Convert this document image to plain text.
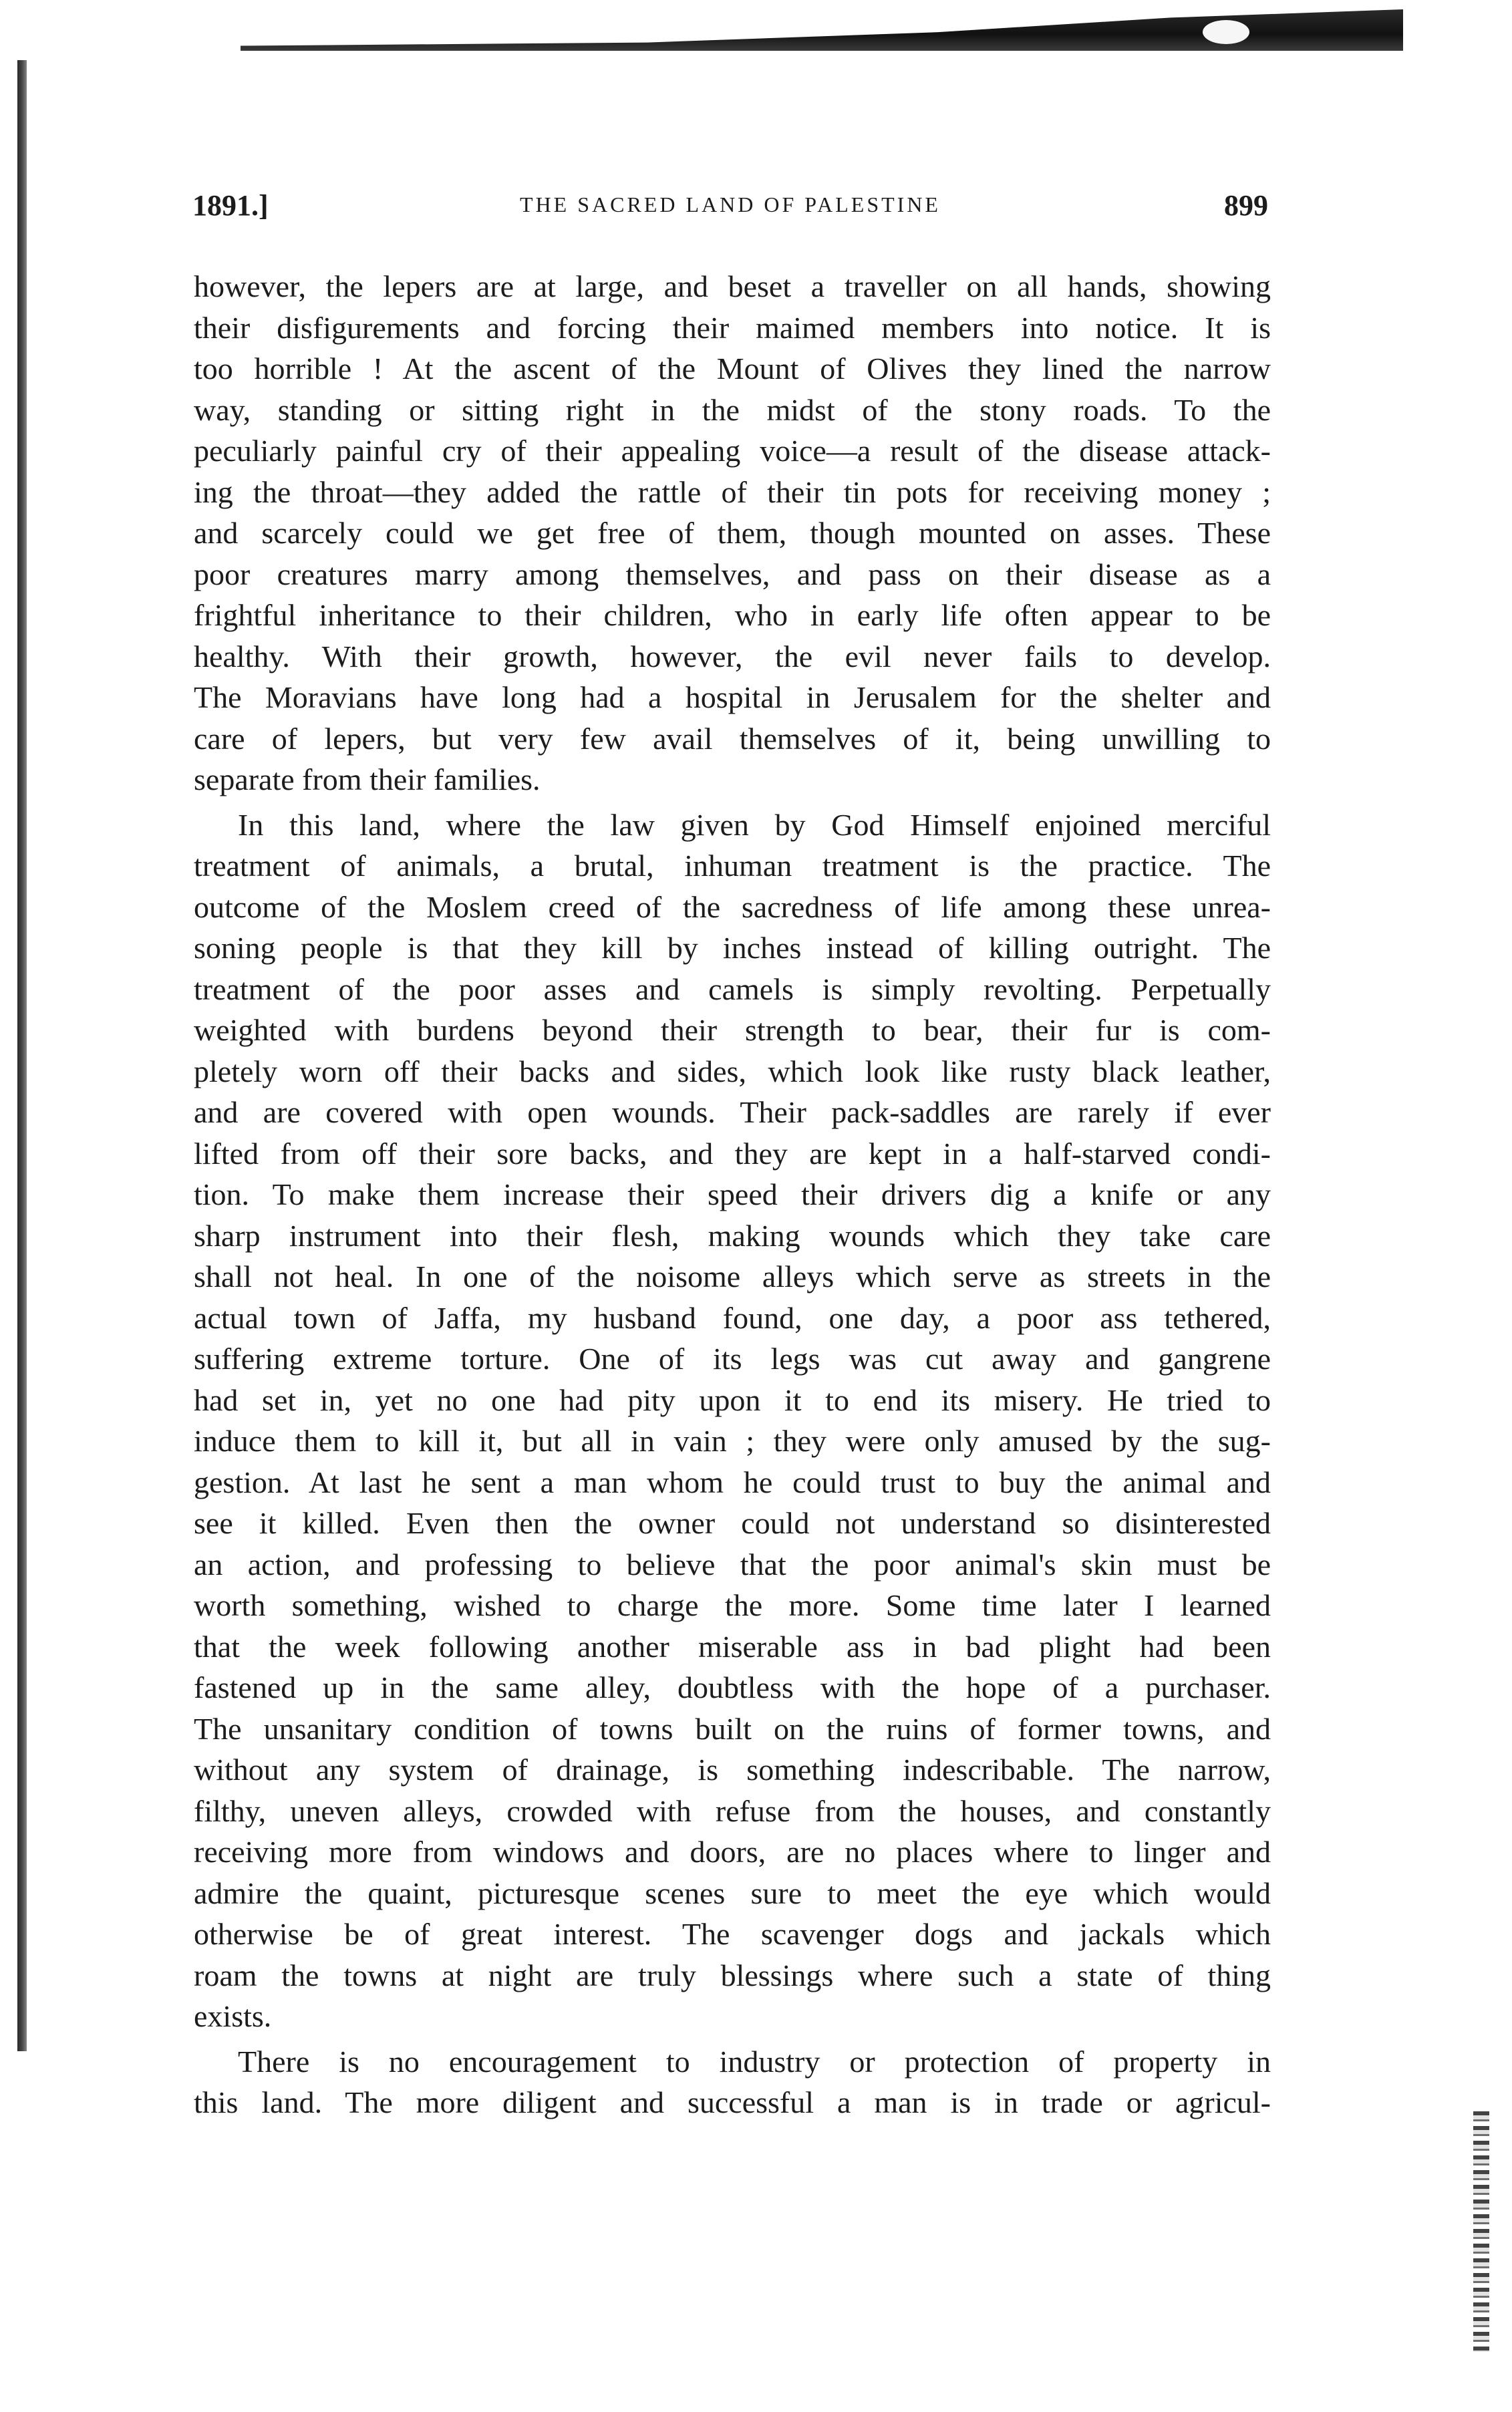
1891.]	THE SACRED LAND OF PALESTINE	899
however, the lepers are at large, and beset a traveller on all hands, showing
their disfigurements and forcing their maimed members into notice. It is
too horrible ! At the ascent of the Mount of Olives they lined the narrow
way, standing or sitting right in the midst of the stony roads. To the
peculiarly painful cry of their appealing voice—a result of the disease attack-
ing the throat—they added the rattle of their tin pots for receiving money ;
and scarcely could we get free of them, though mounted on asses. These
poor creatures marry among themselves, and pass on their disease as a
frightful inheritance to their children, who in early life often appear to be
healthy. With their growth, however, the evil never fails to develop.
The Moravians have long had a hospital in Jerusalem for the shelter and
care of lepers, but very few avail themselves of it, being unwilling to
separate from their families.
In this land, where the law given by God Himself enjoined merciful
treatment of animals, a brutal, inhuman treatment is the practice. The
outcome of the Moslem creed of the sacredness of life among these unrea-
soning people is that they kill by inches instead of killing outright. The
treatment of the poor asses and camels is simply revolting. Perpetually
weighted with burdens beyond their strength to bear, their fur is com-
pletely worn off their backs and sides, which look like rusty black leather,
and are covered with open wounds. Their pack-saddles are rarely if ever
lifted from off their sore backs, and they are kept in a half-starved condi-
tion. To make them increase their speed their drivers dig a knife or any
sharp instrument into their flesh, making wounds which they take care
shall not heal. In one of the noisome alleys which serve as streets in the
actual town of Jaffa, my husband found, one day, a poor ass tethered,
suffering extreme torture. One of its legs was cut away and gangrene
had set in, yet no one had pity upon it to end its misery. He tried to
induce them to kill it, but all in vain ; they were only amused by the sug-
gestion. At last he sent a man whom he could trust to buy the animal and
see it killed. Even then the owner could not understand so disinterested
an action, and professing to believe that the poor animal's skin must be
worth something, wished to charge the more. Some time later I learned
that the week following another miserable ass in bad plight had been
fastened up in the same alley, doubtless with the hope of a purchaser.
The unsanitary condition of towns built on the ruins of former towns, and
without any system of drainage, is something indescribable. The narrow,
filthy, uneven alleys, crowded with refuse from the houses, and constantly
receiving more from windows and doors, are no places where to linger and
admire the quaint, picturesque scenes sure to meet the eye which would
otherwise be of great interest. The scavenger dogs and jackals which
roam the towns at night are truly blessings where such a state of thing
exists.
There is no encouragement to industry or protection of property in
this land. The more diligent and successful a man is in trade or agricul-
